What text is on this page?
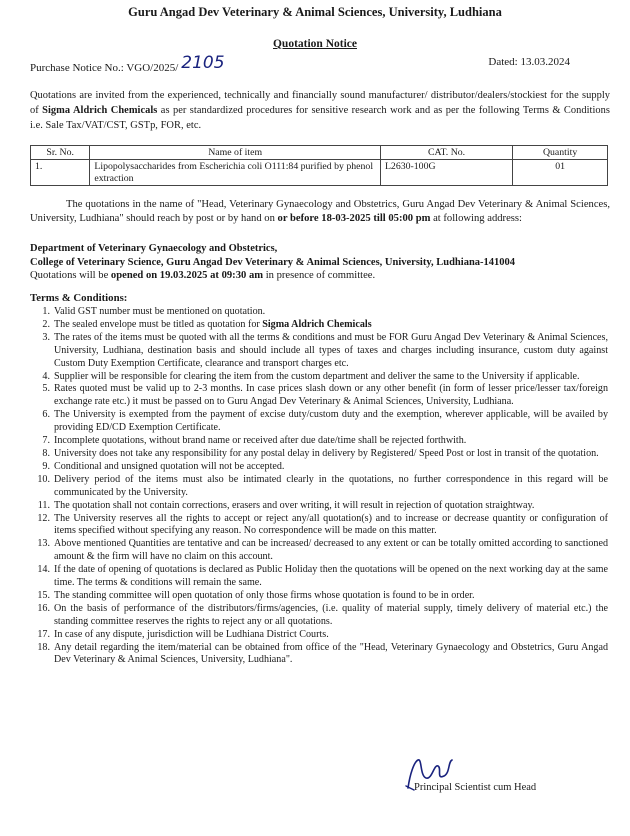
Guru Angad Dev Veterinary & Animal Sciences, University, Ludhiana
Quotation Notice
Purchase Notice No.: VGO/2025/ 2105	Dated: 13.03.2024
Quotations are invited from the experienced, technically and financially sound manufacturer/ distributor/dealers/stockiest for the supply of Sigma Aldrich Chemicals as per standardized procedures for sensitive research work and as per the following Terms & Conditions i.e. Sale Tax/VAT/CST, GSTp, FOR, etc.
Sr. No.	Name of item	CAT. No.	Quantity
1.	Lipopolysaccharides from Escherichia coli O111:84 purified by phenol extraction	L2630-100G	01
The quotations in the name of "Head, Veterinary Gynaecology and Obstetrics, Guru Angad Dev Veterinary & Animal Sciences, University, Ludhiana" should reach by post or by hand on or before 18-03-2025 till 05:00 pm at following address:
Department of Veterinary Gynaecology and Obstetrics,
College of Veterinary Science, Guru Angad Dev Veterinary & Animal Sciences, University, Ludhiana-141004
Quotations will be opened on 19.03.2025 at 09:30 am in presence of committee.
Terms & Conditions:
1. Valid GST number must be mentioned on quotation.
2. The sealed envelope must be titled as quotation for Sigma Aldrich Chemicals
3. The rates of the items must be quoted with all the terms & conditions and must be FOR Guru Angad Dev Veterinary & Animal Sciences, University, Ludhiana, destination basis and should include all types of taxes and charges including insurance, custom duty against Custom Duty Exemption Certificate, clearance and transport charges etc.
4. Supplier will be responsible for clearing the item from the custom department and deliver the same to the University if applicable.
5. Rates quoted must be valid up to 2-3 months. In case prices slash down or any other benefit (in form of lesser price/lesser tax/foreign exchange rate etc.) it must be passed on to Guru Angad Dev Veterinary & Animal Sciences, University, Ludhiana.
6. The University is exempted from the payment of excise duty/custom duty and the exemption, wherever applicable, will be availed by providing ED/CD Exemption Certificate.
7. Incomplete quotations, without brand name or received after due date/time shall be rejected forthwith.
8. University does not take any responsibility for any postal delay in delivery by Registered/ Speed Post or lost in transit of the quotation.
9. Conditional and unsigned quotation will not be accepted.
10. Delivery period of the items must also be intimated clearly in the quotations, no further correspondence in this regard will be communicated by the University.
11. The quotation shall not contain corrections, erasers and over writing, it will result in rejection of quotation straightway.
12. The University reserves all the rights to accept or reject any/all quotation(s) and to increase or decrease quantity or configuration of items specified without specifying any reason. No correspondence will be made on this matter.
13. Above mentioned Quantities are tentative and can be increased/ decreased to any extent or can be totally omitted according to sanctioned amount & the firm will have no claim on this account.
14. If the date of opening of quotations is declared as Public Holiday then the quotations will be opened on the next working day at the same time. The terms & conditions will remain the same.
15. The standing committee will open quotation of only those firms whose quotation is found to be in order.
16. On the basis of performance of the distributors/firms/agencies, (i.e. quality of material supply, timely delivery of material etc.) the standing committee reserves the rights to reject any or all quotations.
17. In case of any dispute, jurisdiction will be Ludhiana District Courts.
18. Any detail regarding the item/material can be obtained from office of the "Head, Veterinary Gynaecology and Obstetrics, Guru Angad Dev Veterinary & Animal Sciences, University, Ludhiana".
Principal Scientist cum Head
